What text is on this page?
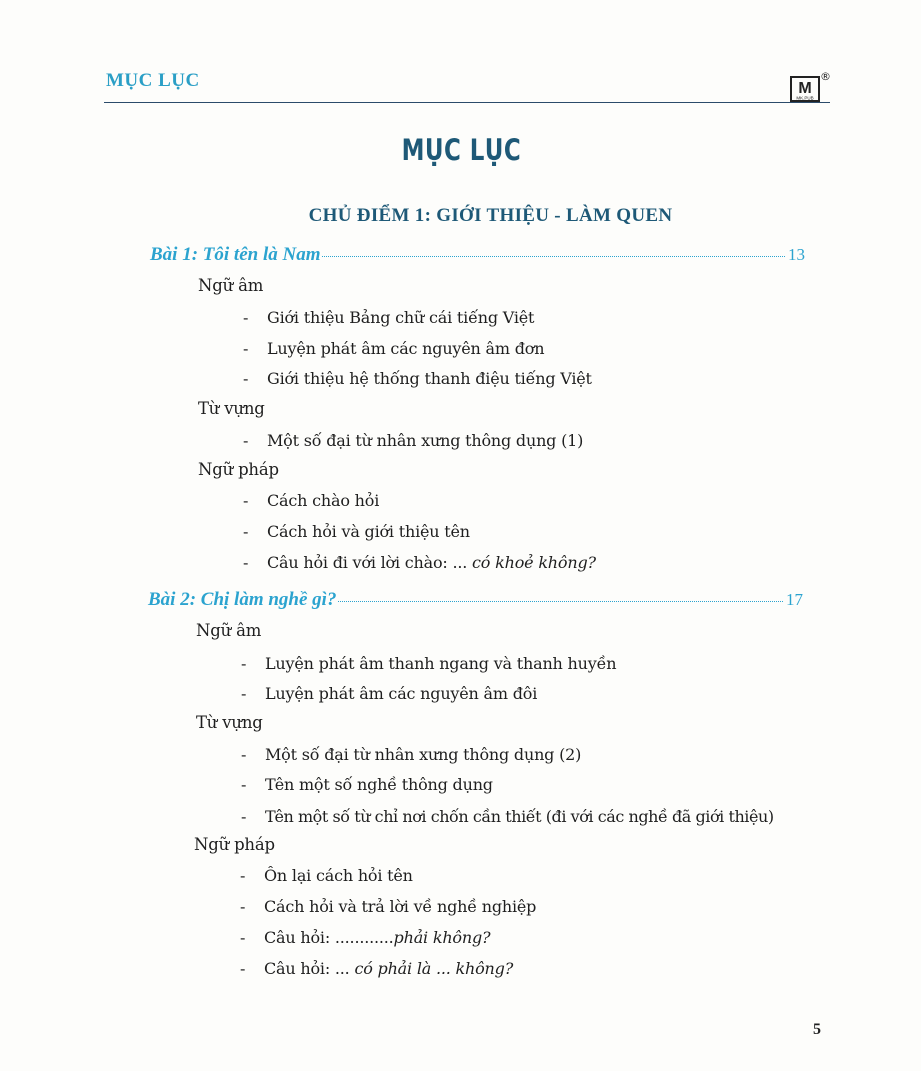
MỤC LỤC	M
MK.PUB
®
MỤC LỤC
CHỦ ĐIỂM 1: GIỚI THIỆU - LÀM QUEN
Bài 1: Tôi tên là Nam	13
Ngữ âm
- Giới thiệu Bảng chữ cái tiếng Việt
- Luyện phát âm các nguyên âm đơn
- Giới thiệu hệ thống thanh điệu tiếng Việt
Từ vựng
- Một số đại từ nhân xưng thông dụng (1)
Ngữ pháp
- Cách chào hỏi
- Cách hỏi và giới thiệu tên
- Câu hỏi đi với lời chào: ... có khoẻ không?
Bài 2: Chị làm nghề gì?	17
Ngữ âm
- Luyện phát âm thanh ngang và thanh huyền
- Luyện phát âm các nguyên âm đôi
Từ vựng
- Một số đại từ nhân xưng thông dụng (2)
- Tên một số nghề thông dụng
- Tên một số từ chỉ nơi chốn cần thiết (đi với các nghề đã giới thiệu)
Ngữ pháp
- Ôn lại cách hỏi tên
- Cách hỏi và trả lời về nghề nghiệp
- Câu hỏi: ............phải không?
- Câu hỏi: ... có phải là ... không?
5
